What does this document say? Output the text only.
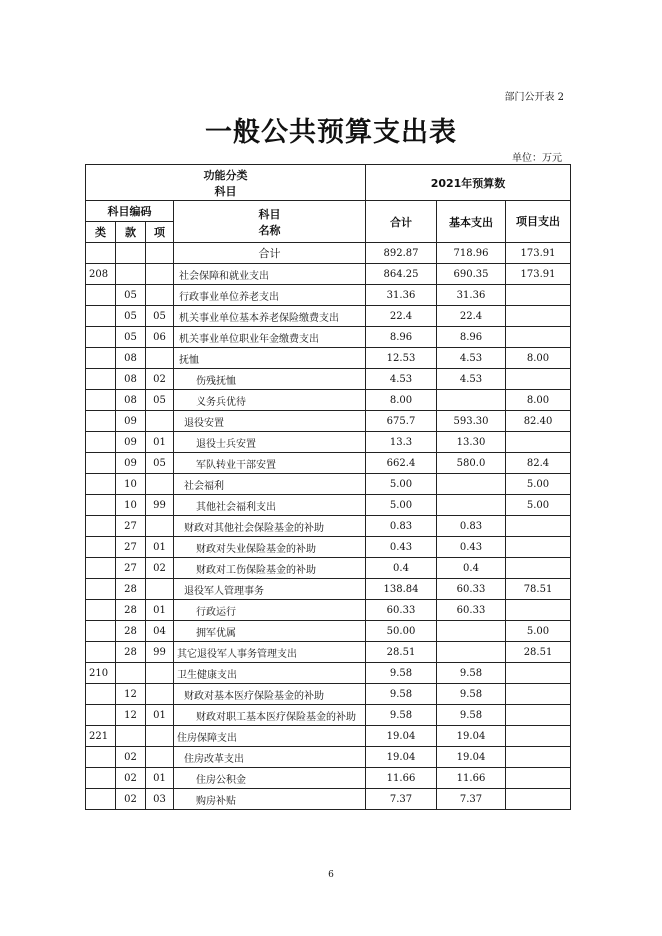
部门公开表 2
一般公共预算支出表
单位：万元
功能分类
科目				2021年预算数		
科目编码			科目
名称	合计	基本支出	项目支出
类	款	项				
			合计	892.87	718.96	173.91
208			社会保障和就业支出	864.25	690.35	173.91
	05		行政事业单位养老支出	31.36	31.36	
	05	05	机关事业单位基本养老保险缴费支出	22.4	22.4	
	05	06	机关事业单位职业年金缴费支出	8.96	8.96	
	08		抚恤	12.53	4.53	8.00
	08	02	伤残抚恤	4.53	4.53	
	08	05	义务兵优待	8.00		8.00
	09		退役安置	675.7	593.30	82.40
	09	01	退役士兵安置	13.3	13.30	
	09	05	军队转业干部安置	662.4	580.0	82.4
	10		社会福利	5.00		5.00
	10	99	其他社会福利支出	5.00		5.00
	27		财政对其他社会保险基金的补助	0.83	0.83	
	27	01	财政对失业保险基金的补助	0.43	0.43	
	27	02	财政对工伤保险基金的补助	0.4	0.4	
	28		退役军人管理事务	138.84	60.33	78.51
	28	01	行政运行	60.33	60.33	
	28	04	拥军优属	50.00		5.00
	28	99	其它退役军人事务管理支出	28.51		28.51
210			卫生健康支出	9.58	9.58	
	12		财政对基本医疗保险基金的补助	9.58	9.58	
	12	01	财政对职工基本医疗保险基金的补助	9.58	9.58	
221			住房保障支出	19.04	19.04	
	02		住房改革支出	19.04	19.04	
	02	01	住房公积金	11.66	11.66	
	02	03	购房补贴	7.37	7.37	
6
